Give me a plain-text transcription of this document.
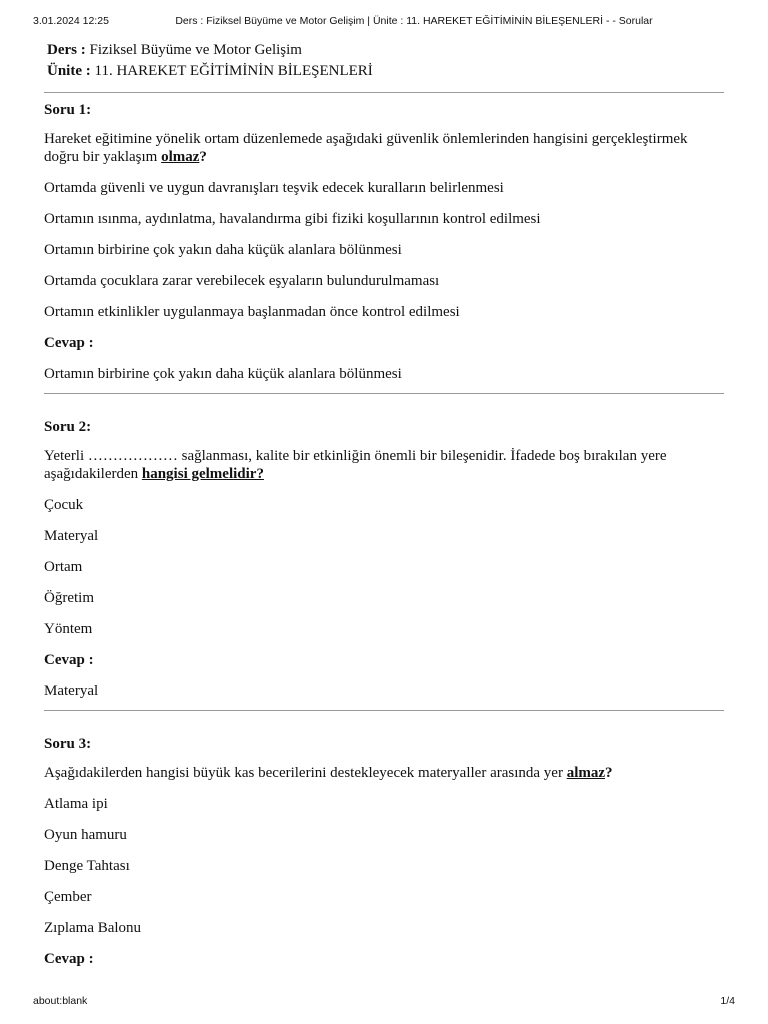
3.01.2024 12:25	Ders : Fiziksel Büyüme ve Motor Gelişim | Ünite : 11. HAREKET EĞİTİMİNİN BİLEŞENLERİ - - Sorular
Ders : Fiziksel Büyüme ve Motor Gelişim
Ünite : 11. HAREKET EĞİTİMİNİN BİLEŞENLERİ
Soru 1:
Hareket eğitimine yönelik ortam düzenlemede aşağıdaki güvenlik önlemlerinden hangisini gerçekleştirmek doğru bir yaklaşım olmaz?
Ortamda güvenli ve uygun davranışları teşvik edecek kuralların belirlenmesi
Ortamın ısınma, aydınlatma, havalandırma gibi fiziki koşullarının kontrol edilmesi
Ortamın birbirine çok yakın daha küçük alanlara bölünmesi
Ortamda çocuklara zarar verebilecek eşyaların bulundurulmaması
Ortamın etkinlikler uygulanmaya başlanmadan önce kontrol edilmesi
Cevap :
Ortamın birbirine çok yakın daha küçük alanlara bölünmesi
Soru 2:
Yeterli ……………… sağlanması, kalite bir etkinliğin önemli bir bileşenidir. İfadede boş bırakılan yere aşağıdakilerden hangisi gelmelidir?
Çocuk
Materyal
Ortam
Öğretim
Yöntem
Cevap :
Materyal
Soru 3:
Aşağıdakilerden hangisi büyük kas becerilerini destekleyecek materyaller arasında yer almaz?
Atlama ipi
Oyun hamuru
Denge Tahtası
Çember
Zıplama Balonu
Cevap :
about:blank	1/4
